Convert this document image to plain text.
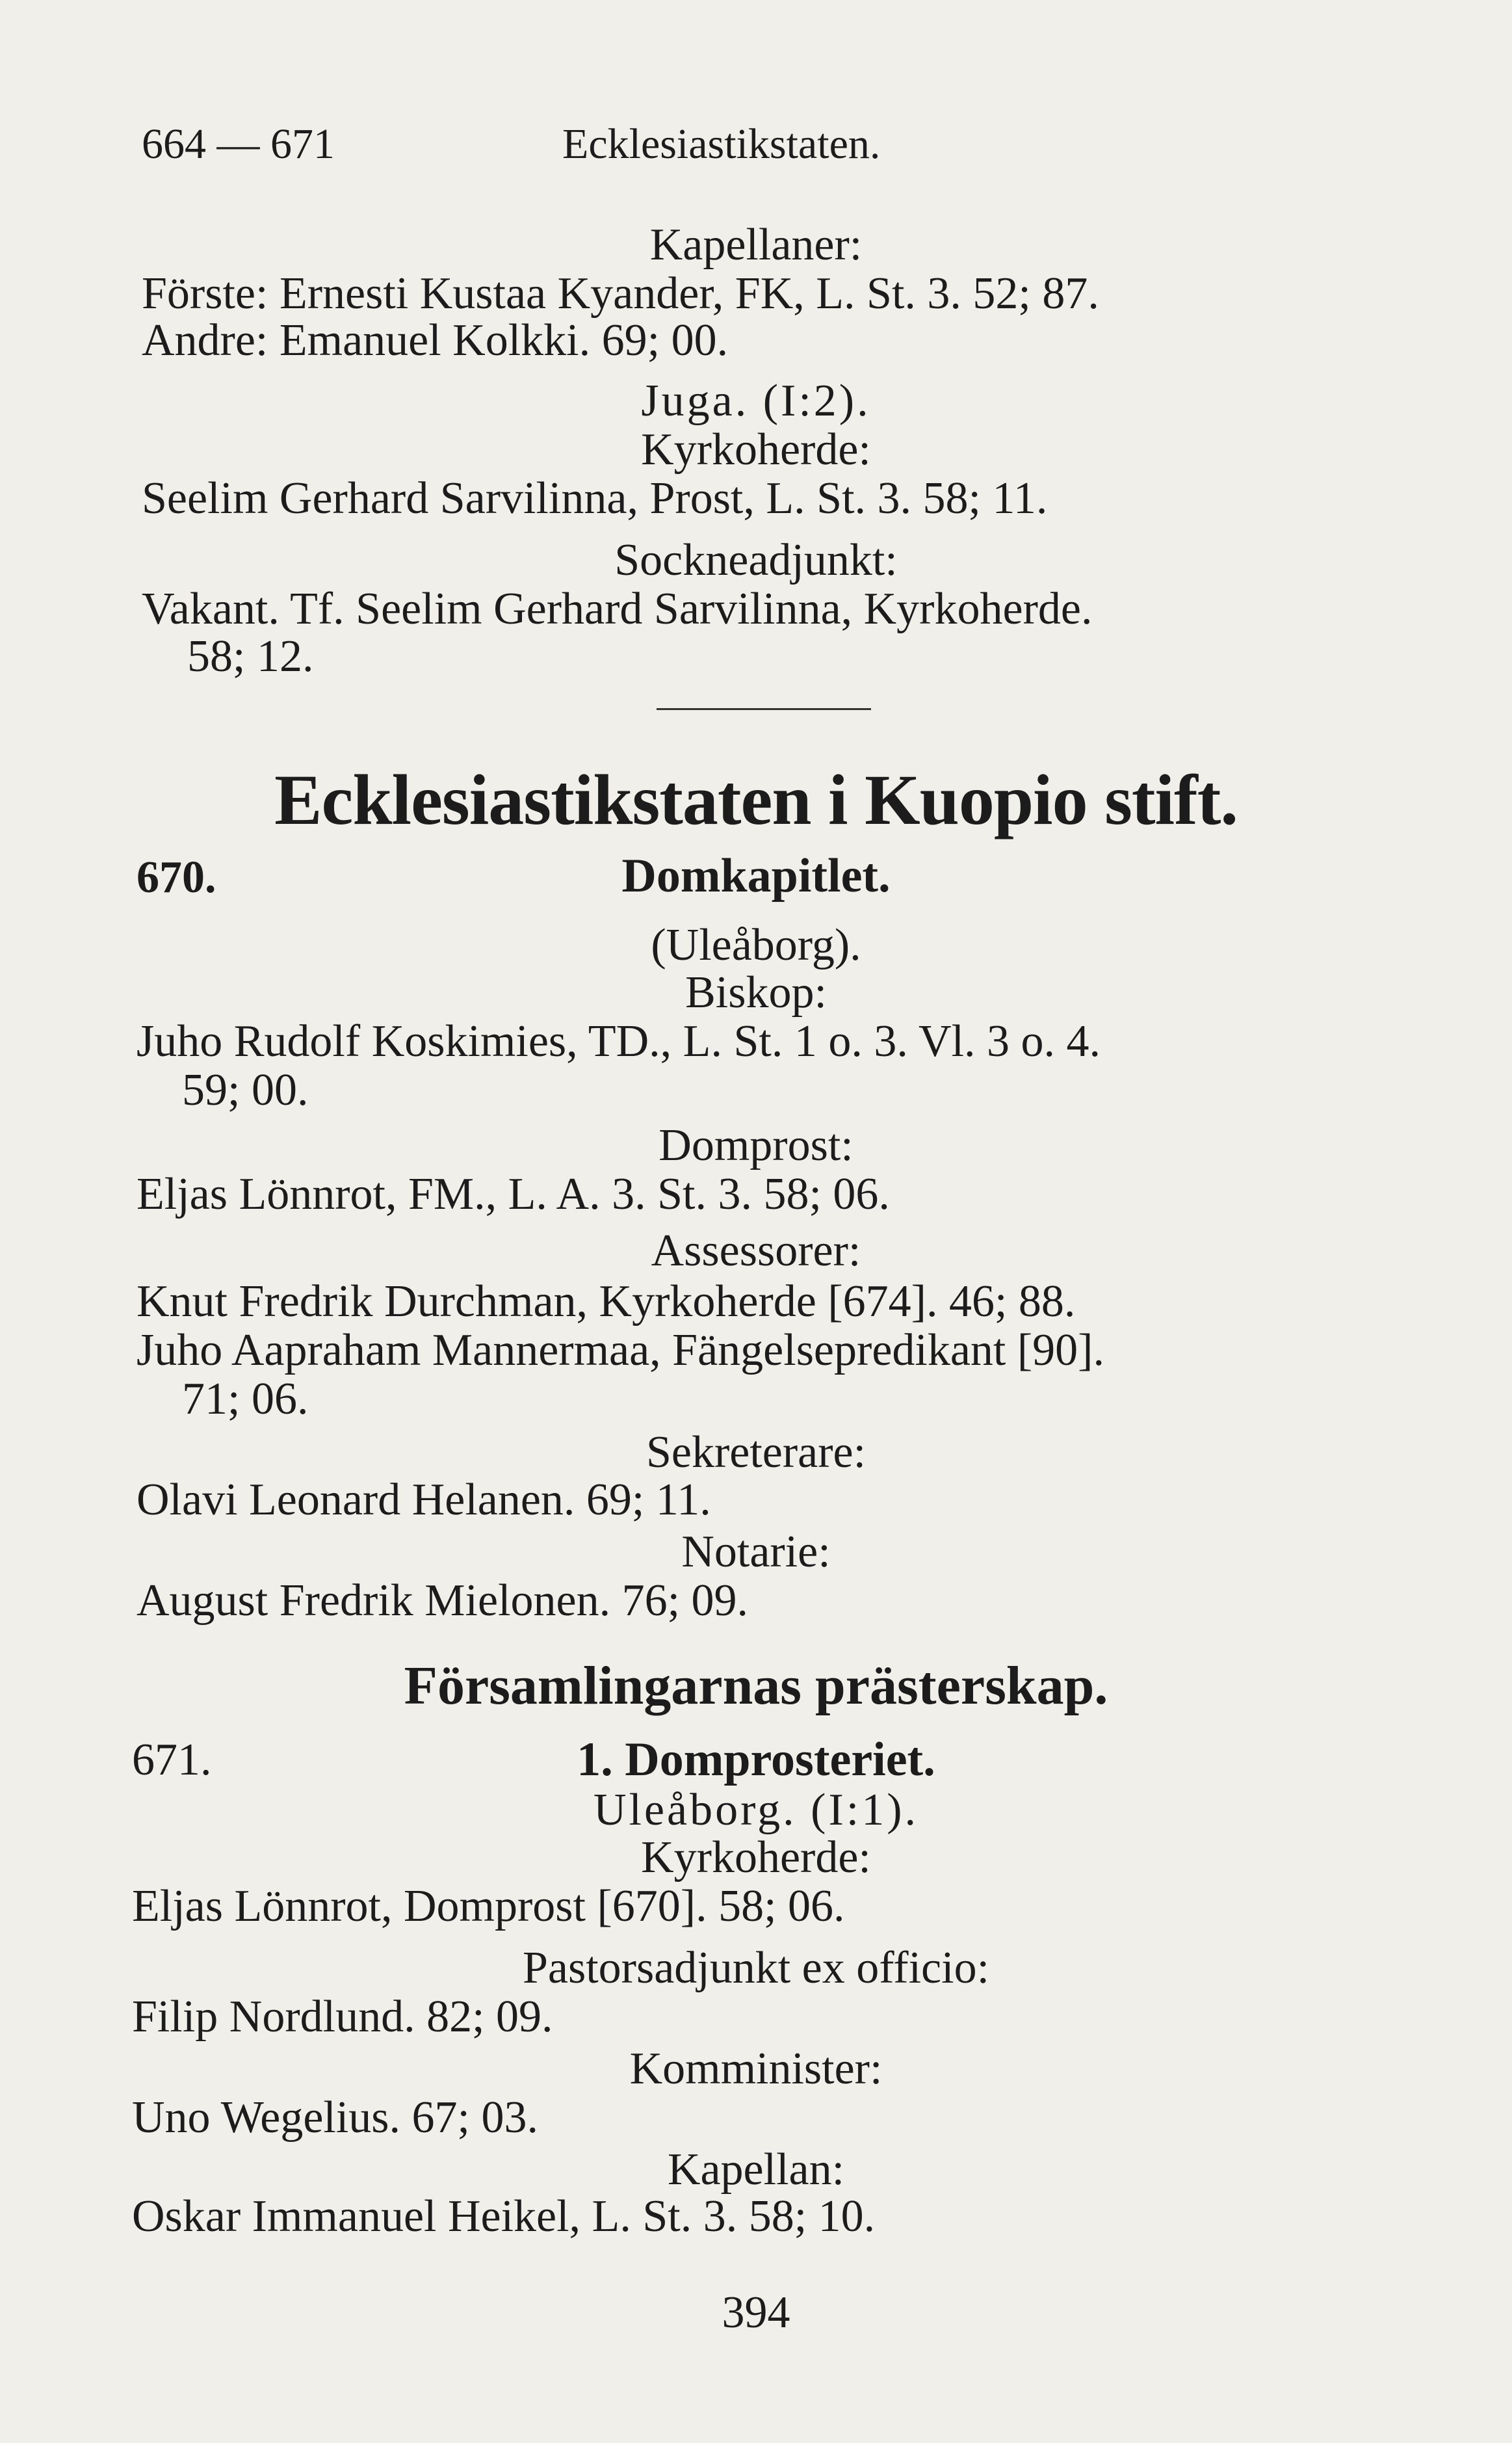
664 — 671	Ecklesiastikstaten.
Kapellaner:
Förste: Ernesti Kustaa Kyander, FK, L. St. 3. 52; 87.
Andre: Emanuel Kolkki. 69; 00.
Juga. (I:2).
Kyrkoherde:
Seelim Gerhard Sarvilinna, Prost, L. St. 3. 58; 11.
Sockneadjunkt:
Vakant. Tf. Seelim Gerhard Sarvilinna, Kyrkoherde.
58; 12.
Ecklesiastikstaten i Kuopio stift.
670.	Domkapitlet.
(Uleåborg).
Biskop:
Juho Rudolf Koskimies, TD., L. St. 1 o. 3. Vl. 3 o. 4.
59; 00.
Domprost:
Eljas Lönnrot, FM., L. A. 3. St. 3. 58; 06.
Assessorer:
Knut Fredrik Durchman, Kyrkoherde [674]. 46; 88.
Juho Aapraham Mannermaa, Fängelsepredikant [90].
71; 06.
Sekreterare:
Olavi Leonard Helanen. 69; 11.
Notarie:
August Fredrik Mielonen. 76; 09.
Församlingarnas prästerskap.
671.	1. Domprosteriet.
Uleåborg. (I:1).
Kyrkoherde:
Eljas Lönnrot, Domprost [670]. 58; 06.
Pastorsadjunkt ex officio:
Filip Nordlund. 82; 09.
Komminister:
Uno Wegelius. 67; 03.
Kapellan:
Oskar Immanuel Heikel, L. St. 3. 58; 10.
394
